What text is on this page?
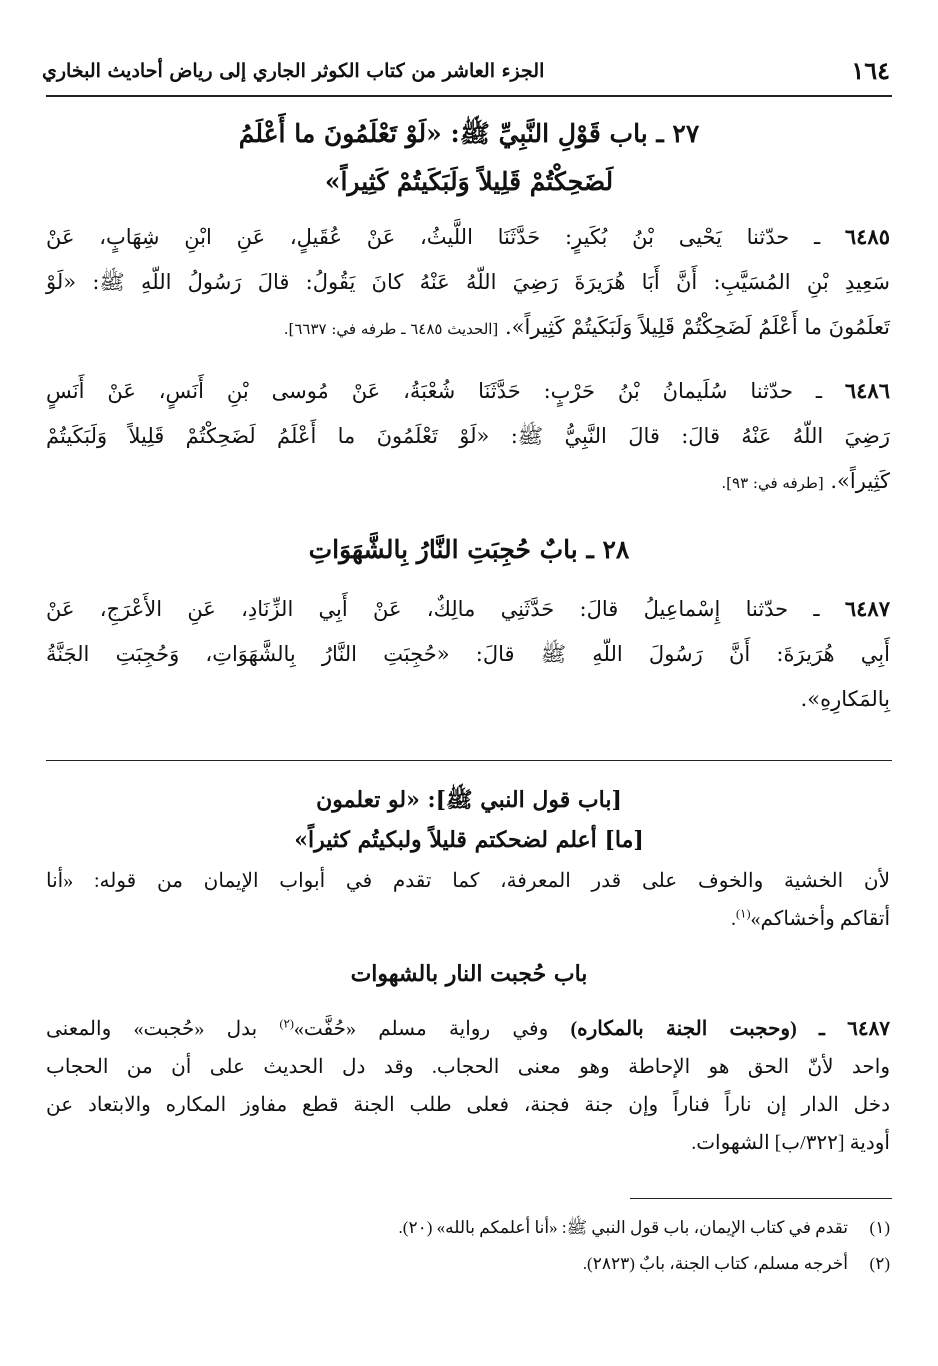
١٦٤
الجزء العاشر من كتاب الكوثر الجاري إلى رياض أحاديث البخاري
٢٧ ـ باب قَوْلِ النَّبِيِّ ﷺ: «لَوْ تَعْلَمُونَ ما أَعْلَمُ
لَضَحِكْتُمْ قَلِيلاً وَلَبَكَيتُمْ كَثِيراً»
٦٤٨٥ ـ حدّثنا يَحْيى بْنُ بُكَيرٍ: حَدَّثَنَا اللَّيثُ، عَنْ عُقَيلٍ، عَنِ ابْنِ شِهَابٍ، عَنْ
سَعِيدِ بْنِ المُسَيَّبِ: أَنَّ أَبَا هُرَيرَةَ رَضِيَ اللّهُ عَنْهُ كانَ يَقُولُ: قالَ رَسُولُ اللّهِ ﷺ: «لَوْ
تَعلَمُونَ ما أَعْلَمُ لَضَحِكْتُمْ قَلِيلاً وَلَبَكَيتُمْ كَثِيراً». [الحديث ٦٤٨٥ ـ طرفه في: ٦٦٣٧].
٦٤٨٦ ـ حدّثنا سُلَيمانُ بْنُ حَرْبٍ: حَدَّثَنَا شُعْبَةُ، عَنْ مُوسى بْنِ أَنَسٍ، عَنْ أَنَسٍ
رَضِيَ اللّهُ عَنْهُ قالَ: قالَ النَّبِيُّ ﷺ: «لَوْ تَعْلَمُونَ ما أَعْلَمُ لَضَحِكْتُمْ قَلِيلاً وَلَبَكَيتُمْ
كَثِيراً». [طرفه في: ٩٣].
٢٨ ـ بابٌ حُجِبَتِ النَّارُ بِالشَّهَوَاتِ
٦٤٨٧ ـ حدّثنا إِسْماعِيلُ قالَ: حَدَّثَنِي مالِكٌ، عَنْ أَبِي الزِّنَادِ، عَنِ الأَعْرَجِ، عَنْ
أَبِي هُرَيرَةَ: أَنَّ رَسُولَ اللّهِ ﷺ قالَ: «حُجِبَتِ النَّارُ بِالشَّهَوَاتِ، وَحُجِبَتِ الجَنَّةُ
بِالمَكارِهِ».
[باب قول النبي ﷺ]: «لو تعلمون
[ما] أعلم لضحكتم قليلاً ولبكيتُم كثيراً»
لأن الخشية والخوف على قدر المعرفة، كما تقدم في أبواب الإيمان من قوله: «أنا
أتقاكم وأخشاكم»$^{(١)}$.
باب حُجبت النار بالشهوات
٦٤٨٧ ـ (وحجبت الجنة بالمكاره) وفي رواية مسلم «حُفَّت»$^{(٢)}$ بدل «حُجبت» والمعنى
واحد لأنّ الحق هو الإحاطة وهو معنى الحجاب. وقد دل الحديث على أن من الحجاب
دخل الدار إن ناراً فناراً وإن جنة فجنة، فعلى طلب الجنة قطع مفاوز المكاره والابتعاد عن
أودية [٣٢٢/ب] الشهوات.
(١)تقدم في كتاب الإيمان، باب قول النبي ﷺ: «أنا أعلمكم بالله» (٢٠).
(٢)أخرجه مسلم، كتاب الجنة، بابٌ (٢٨٢٣).
